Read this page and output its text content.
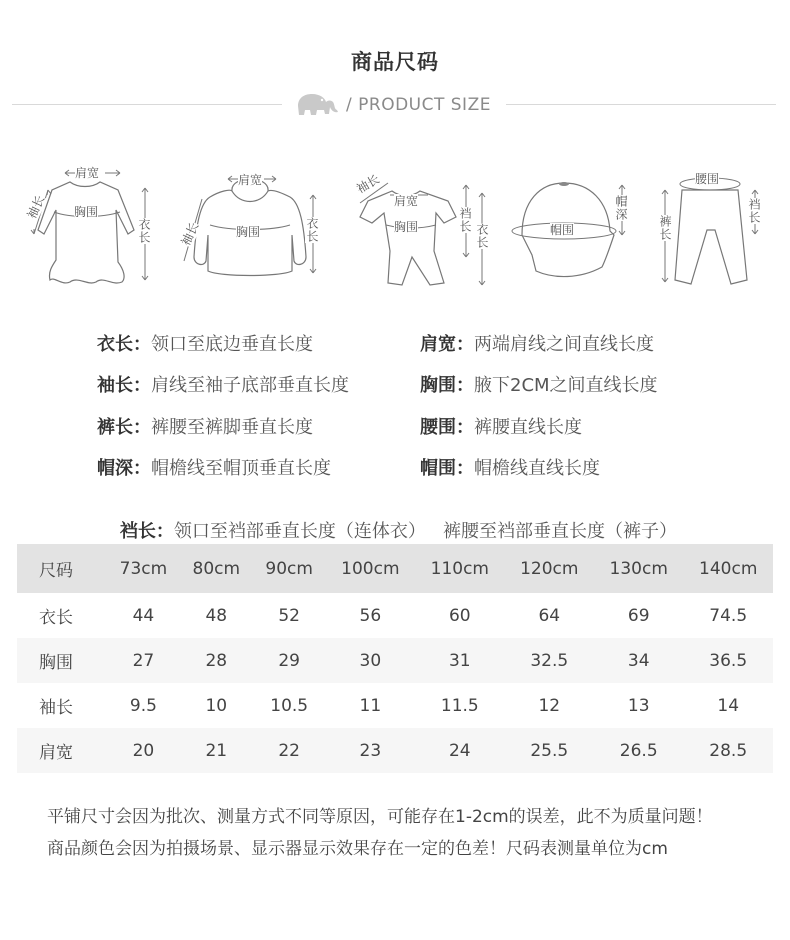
商品尺码
/ PRODUCT SIZE
肩宽
胸围
衣长
袖长
肩宽
胸围	衣长
袖长
袖长
肩宽
胸围	裆长
衣长	帽围
帽深
腰围
裤长
裆长
衣长：领口至底边垂直长度	肩宽：两端肩线之间直线长度
袖长：肩线至袖子底部垂直长度	胸围：腋下2CM之间直线长度
裤长：裤腰至裤脚垂直长度	腰围：裤腰直线长度
帽深：帽檐线至帽顶垂直长度	帽围：帽檐线直线长度

裆长：领口至裆部垂直长度（连体衣）   裤腰至裆部垂直长度（裤子）

尺码	73cm	80cm	90cm	100cm	110cm	120cm	130cm	140cm
衣长	44	48	52	56	60	64	69	74.5
胸围	27	28	29	30	31	32.5	34	36.5
袖长	9.5	10	10.5	11	11.5	12	13	14
肩宽	20	21	22	23	24	25.5	26.5	28.5

平铺尺寸会因为批次、测量方式不同等原因，可能存在1-2cm的误差，此不为质量问题！

商品颜色会因为拍摄场景、显示器显示效果存在一定的色差！尺码表测量单位为cm
